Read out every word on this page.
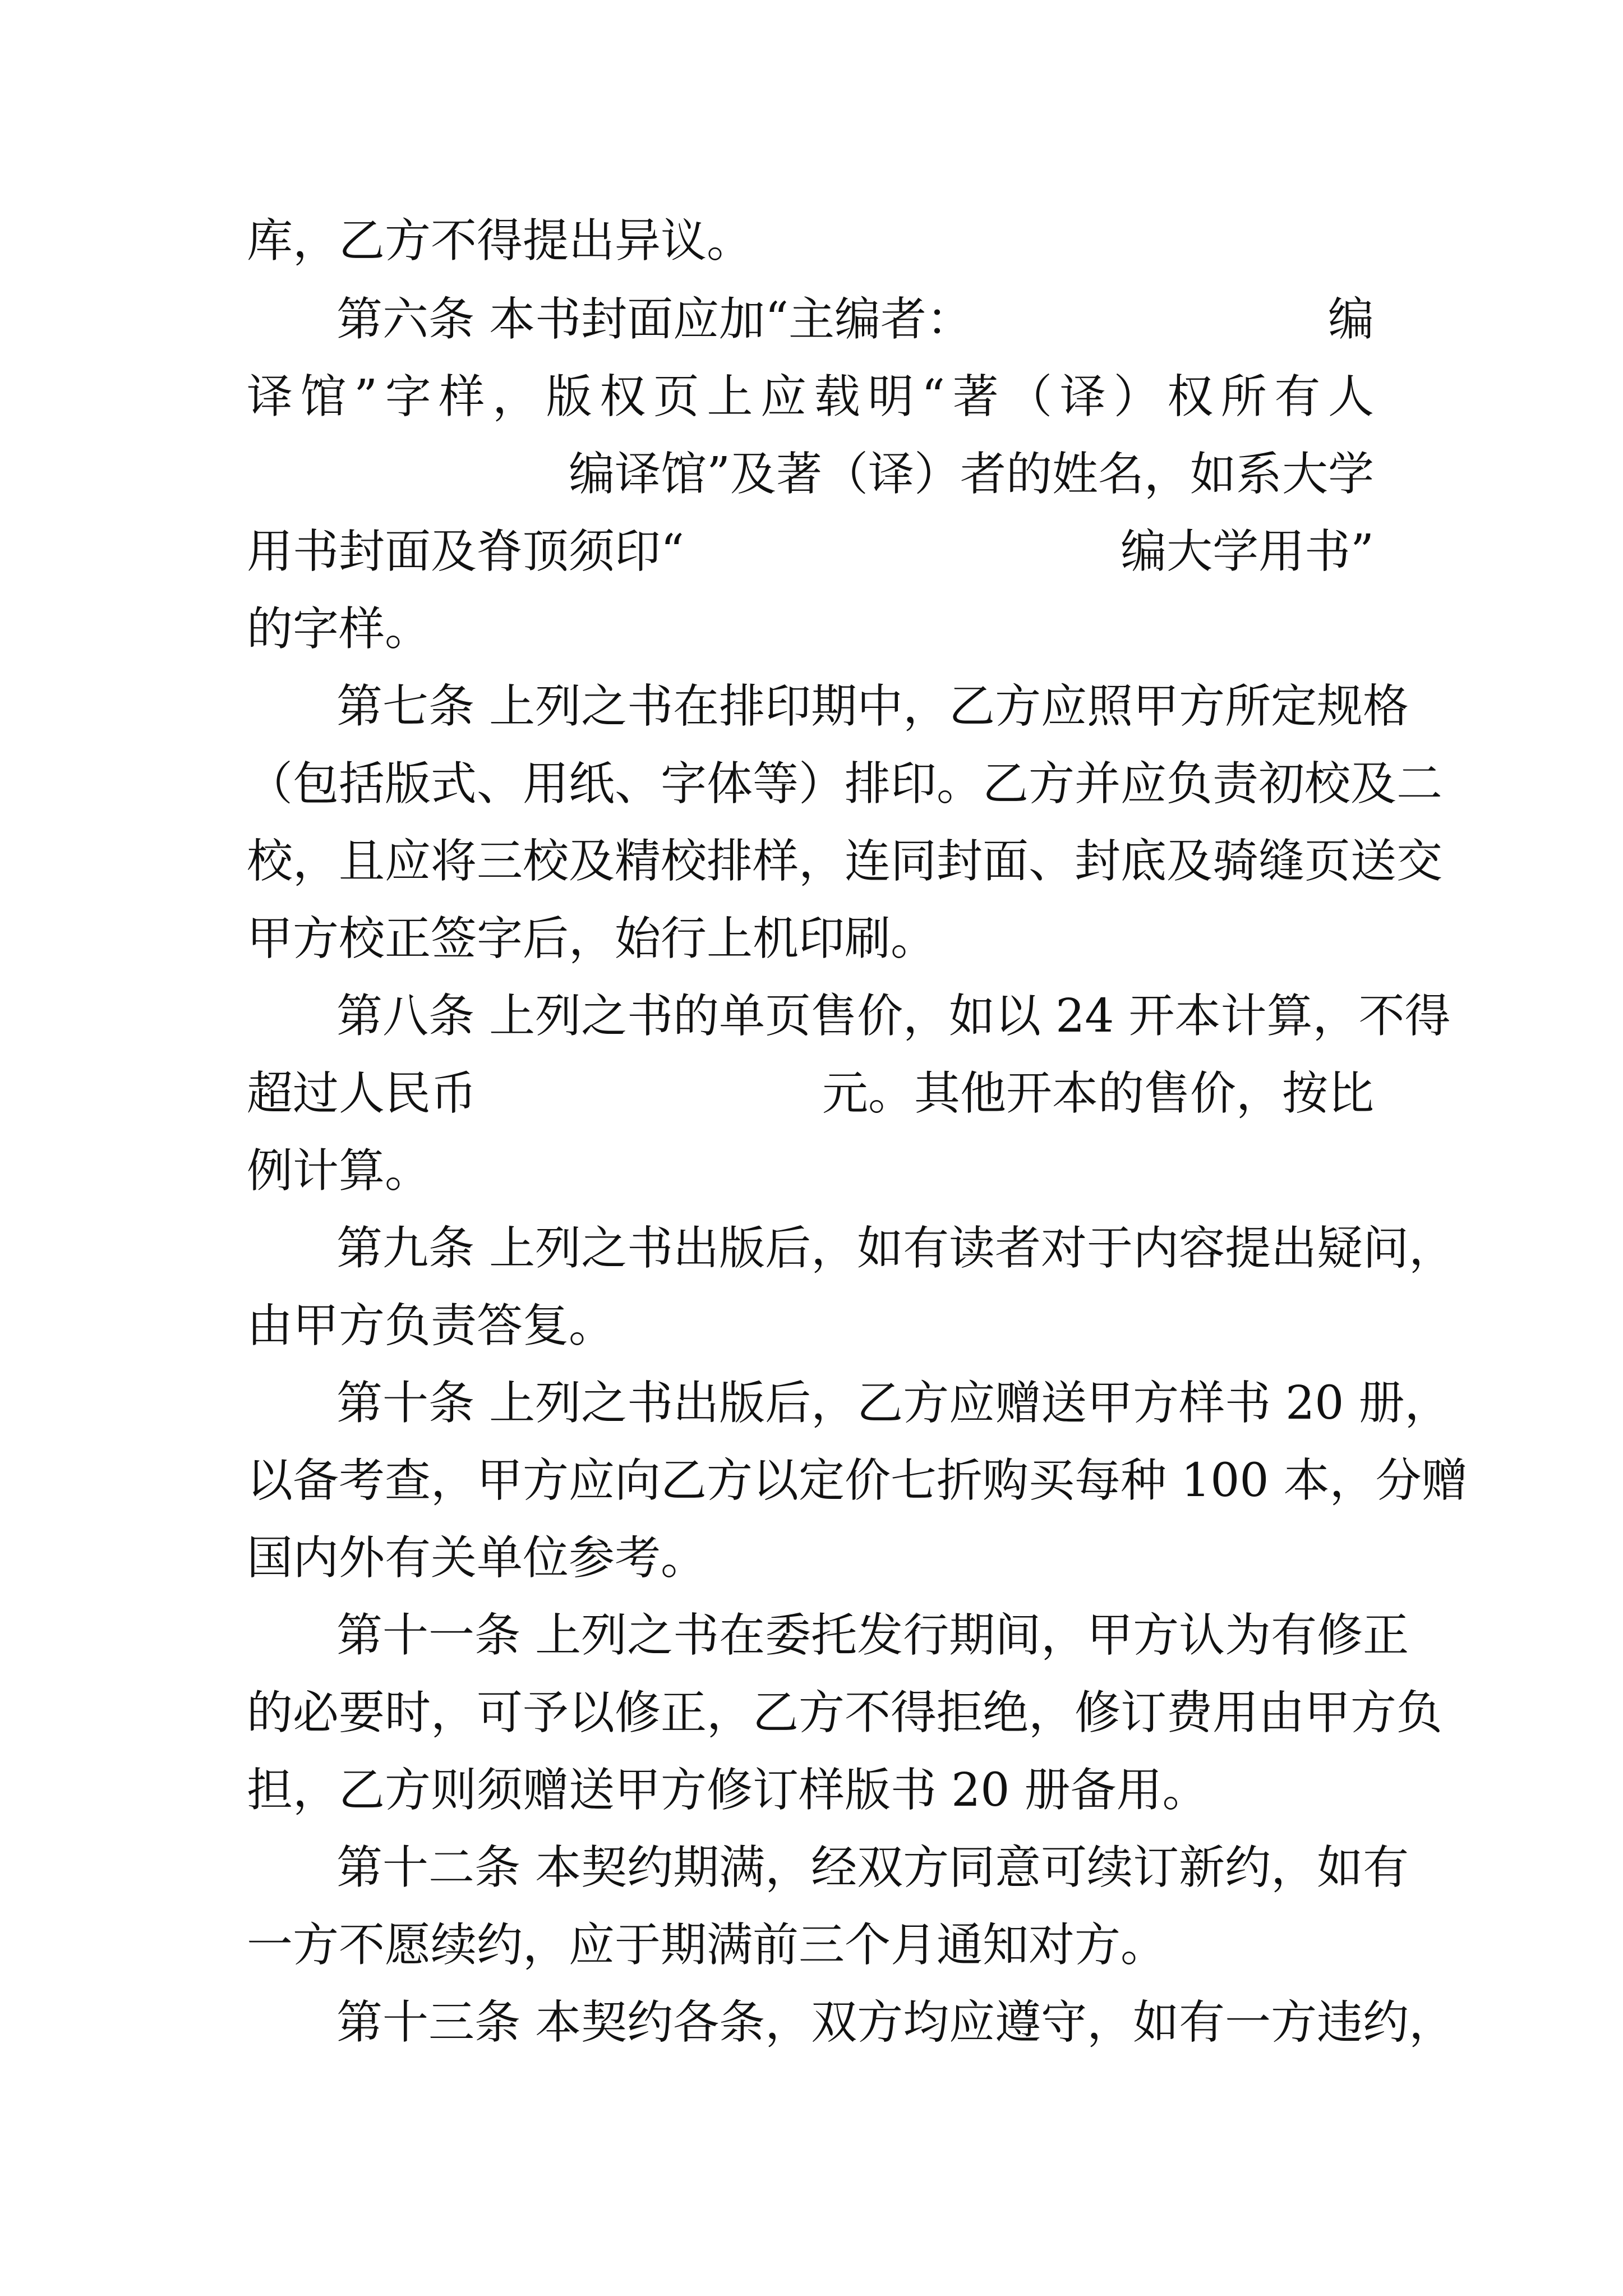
库，乙方不得提出异议。
第六条 本书封面应加“主编者：	编
译馆”字样，版权页上应载明“著（译）权所有人
编译馆”及著（译）者的姓名，如系大学
用书封面及脊顶须印“	编大学用书”
的字样。
第七条 上列之书在排印期中，乙方应照甲方所定规格
（包括版式、用纸、字体等）排印。乙方并应负责初校及二
校，且应将三校及精校排样，连同封面、封底及骑缝页送交
甲方校正签字后，始行上机印刷。
第八条 上列之书的单页售价，如以 24 开本计算，不得
超过人民币	元。其他开本的售价，按比
例计算。
第九条 上列之书出版后，如有读者对于内容提出疑问，
由甲方负责答复。
第十条 上列之书出版后，乙方应赠送甲方样书 20 册，
以备考查，甲方应向乙方以定价七折购买每种 100 本，分赠
国内外有关单位参考。
第十一条 上列之书在委托发行期间，甲方认为有修正
的必要时，可予以修正，乙方不得拒绝，修订费用由甲方负
担，乙方则须赠送甲方修订样版书 20 册备用。
第十二条 本契约期满，经双方同意可续订新约，如有
一方不愿续约，应于期满前三个月通知对方。
第十三条 本契约各条，双方均应遵守，如有一方违约，
